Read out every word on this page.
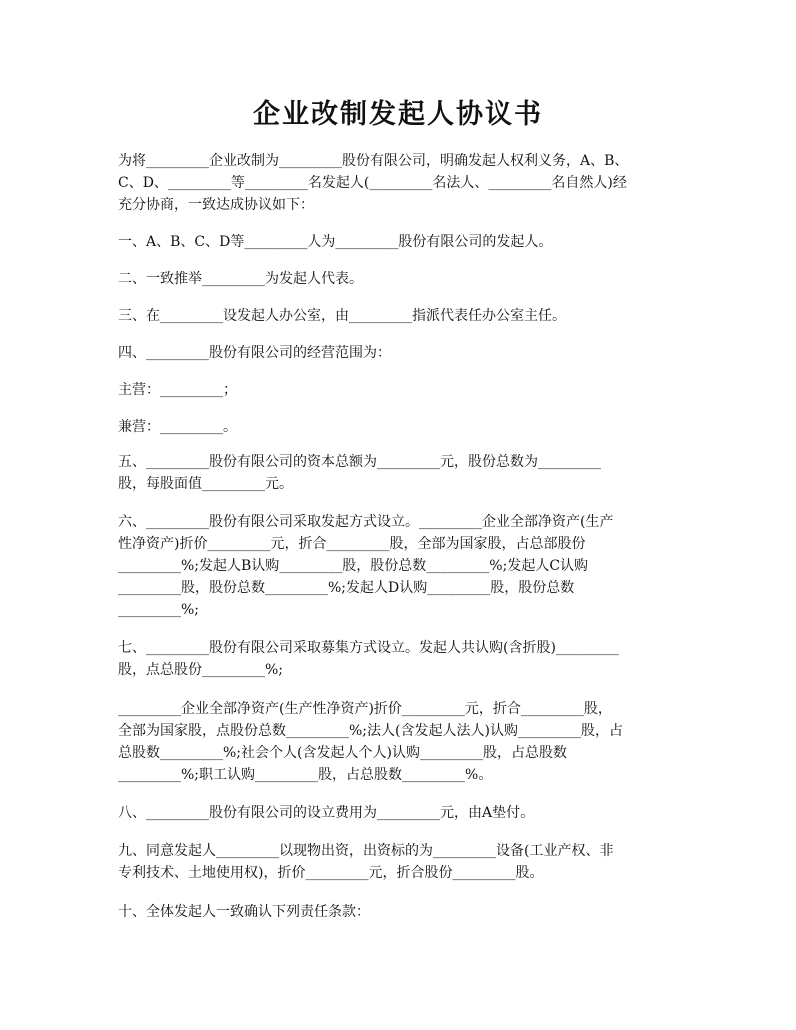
企业改制发起人协议书
为将_________企业改制为_________股份有限公司，明确发起人权利义务，A、B、
C、D、_________等_________名发起人(_________名法人、_________名自然人)经
充分协商，一致达成协议如下：
一、A、B、C、D等_________人为_________股份有限公司的发起人。
二、一致推举_________为发起人代表。
三、在_________设发起人办公室，由_________指派代表任办公室主任。
四、_________股份有限公司的经营范围为：
主营：_________；
兼营：_________。
五、_________股份有限公司的资本总额为_________元，股份总数为_________
股，每股面值_________元。
六、_________股份有限公司采取发起方式设立。_________企业全部净资产(生产
性净资产)折价_________元，折合_________股，全部为国家股，占总部股份
_________%;发起人B认购_________股，股份总数_________%;发起人C认购
_________股，股份总数_________%;发起人D认购_________股，股份总数
_________%;
七、_________股份有限公司采取募集方式设立。发起人共认购(含折股)_________
股，点总股份_________%;
_________企业全部净资产(生产性净资产)折价_________元，折合_________股，
全部为国家股，点股份总数_________%;法人(含发起人法人)认购_________股，占
总股数_________%;社会个人(含发起人个人)认购_________股，占总股数
_________%;职工认购_________股，占总股数_________%。
八、_________股份有限公司的设立费用为_________元，由A垫付。
九、同意发起人_________以现物出资，出资标的为_________设备(工业产权、非
专利技术、土地使用权)，折价_________元，折合股份_________股。
十、全体发起人一致确认下列责任条款：
